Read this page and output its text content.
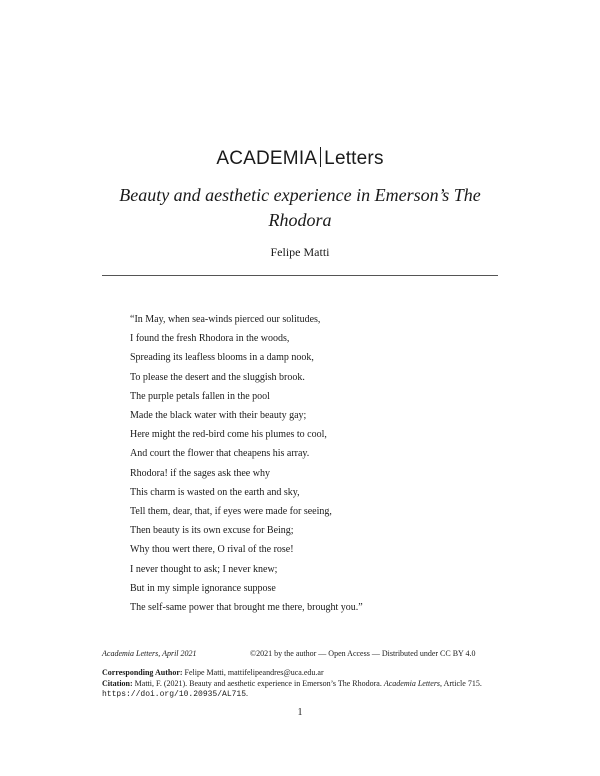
ACADEMIA Letters
Beauty and aesthetic experience in Emerson’s The Rhodora
Felipe Matti
“In May, when sea-winds pierced our solitudes,
I found the fresh Rhodora in the woods,
Spreading its leafless blooms in a damp nook,
To please the desert and the sluggish brook.
The purple petals fallen in the pool
Made the black water with their beauty gay;
Here might the red-bird come his plumes to cool,
And court the flower that cheapens his array.
Rhodora! if the sages ask thee why
This charm is wasted on the earth and sky,
Tell them, dear, that, if eyes were made for seeing,
Then beauty is its own excuse for Being;
Why thou wert there, O rival of the rose!
I never thought to ask; I never knew;
But in my simple ignorance suppose
The self-same power that brought me there, brought you.”
Academia Letters, April 2021	©2021 by the author — Open Access — Distributed under CC BY 4.0
Corresponding Author: Felipe Matti, mattifelipeandres@uca.edu.ar
Citation: Matti, F. (2021). Beauty and aesthetic experience in Emerson’s The Rhodora. Academia Letters, Article 715. https://doi.org/10.20935/AL715.
1
